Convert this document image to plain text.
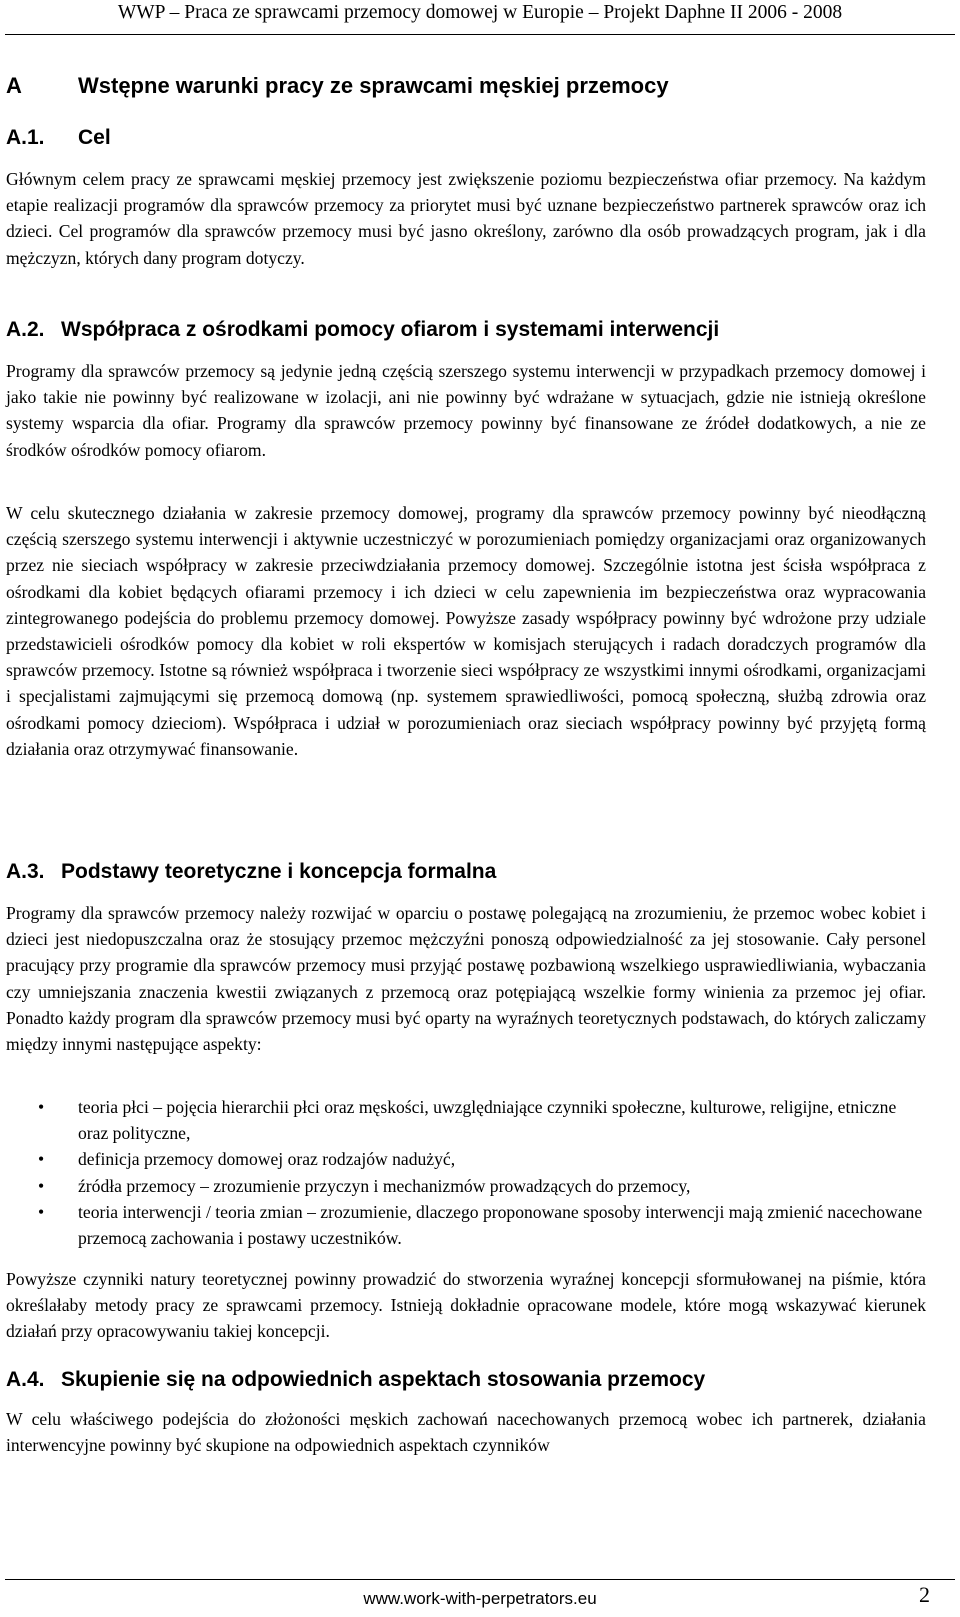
WWP – Praca ze sprawcami przemocy domowej w Europie – Projekt Daphne II 2006 - 2008
A	Wstępne warunki pracy ze sprawcami męskiej przemocy
A.1. Cel

Głównym celem pracy ze sprawcami męskiej przemocy jest zwiększenie poziomu bezpieczeństwa ofiar przemocy. Na każdym etapie realizacji programów dla sprawców przemocy za priorytet musi być uznane bezpieczeństwo partnerek sprawców oraz ich dzieci. Cel programów dla sprawców przemocy musi być jasno określony, zarówno dla osób prowadzących program, jak i dla mężczyzn, których dany program dotyczy.

A.2. Współpraca z ośrodkami pomocy ofiarom i systemami interwencji

Programy dla sprawców przemocy są jedynie jedną częścią szerszego systemu interwencji w przypadkach przemocy domowej i jako takie nie powinny być realizowane w izolacji, ani nie powinny być wdrażane w sytuacjach, gdzie nie istnieją określone systemy wsparcia dla ofiar. Programy dla sprawców przemocy powinny być finansowane ze źródeł dodatkowych, a nie ze środków ośrodków pomocy ofiarom.

W celu skutecznego działania w zakresie przemocy domowej, programy dla sprawców przemocy powinny być nieodłączną częścią szerszego systemu interwencji i aktywnie uczestniczyć w porozumieniach pomiędzy organizacjami oraz organizowanych przez nie sieciach współpracy w zakresie przeciwdziałania przemocy domowej. Szczególnie istotna jest ścisła współpraca z ośrodkami dla kobiet będących ofiarami przemocy i ich dzieci w celu zapewnienia im bezpieczeństwa oraz wypracowania zintegrowanego podejścia do problemu przemocy domowej. Powyższe zasady współpracy powinny być wdrożone przy udziale przedstawicieli ośrodków pomocy dla kobiet w roli ekspertów w komisjach sterujących i radach doradczych programów dla sprawców przemocy. Istotne są również współpraca i tworzenie sieci współpracy ze wszystkimi innymi ośrodkami, organizacjami i specjalistami zajmującymi się przemocą domową (np. systemem sprawiedliwości, pomocą społeczną, służbą zdrowia oraz ośrodkami pomocy dzieciom). Współpraca i udział w porozumieniach oraz sieciach współpracy powinny być przyjętą formą działania oraz otrzymywać finansowanie.

A.3. Podstawy teoretyczne i koncepcja formalna

Programy dla sprawców przemocy należy rozwijać w oparciu o postawę polegającą na zrozumieniu, że przemoc wobec kobiet i dzieci jest niedopuszczalna oraz że stosujący przemoc mężczyźni ponoszą odpowiedzialność za jej stosowanie. Cały personel pracujący przy programie dla sprawców przemocy musi przyjąć postawę pozbawioną wszelkiego usprawiedliwiania, wybaczania czy umniejszania znaczenia kwestii związanych z przemocą oraz potępiającą wszelkie formy winienia za przemoc jej ofiar. Ponadto każdy program dla sprawców przemocy musi być oparty na wyraźnych teoretycznych podstawach, do których zaliczamy między innymi następujące aspekty:

• teoria płci – pojęcia hierarchii płci oraz męskości, uwzględniające czynniki społeczne, kulturowe, religijne, etniczne oraz polityczne,
• definicja przemocy domowej oraz rodzajów nadużyć,
• źródła przemocy – zrozumienie przyczyn i mechanizmów prowadzących do przemocy,
• teoria interwencji / teoria zmian – zrozumienie, dlaczego proponowane sposoby interwencji mają zmienić nacechowane przemocą zachowania i postawy uczestników.

Powyższe czynniki natury teoretycznej powinny prowadzić do stworzenia wyraźnej koncepcji sformułowanej na piśmie, która określałaby metody pracy ze sprawcami przemocy. Istnieją dokładnie opracowane modele, które mogą wskazywać kierunek działań przy opracowywaniu takiej koncepcji.

A.4. Skupienie się na odpowiednich aspektach stosowania przemocy

W celu właściwego podejścia do złożoności męskich zachowań nacechowanych przemocą wobec ich partnerek, działania interwencyjne powinny być skupione na odpowiednich aspektach czynników

www.work-with-perpetrators.eu	2
